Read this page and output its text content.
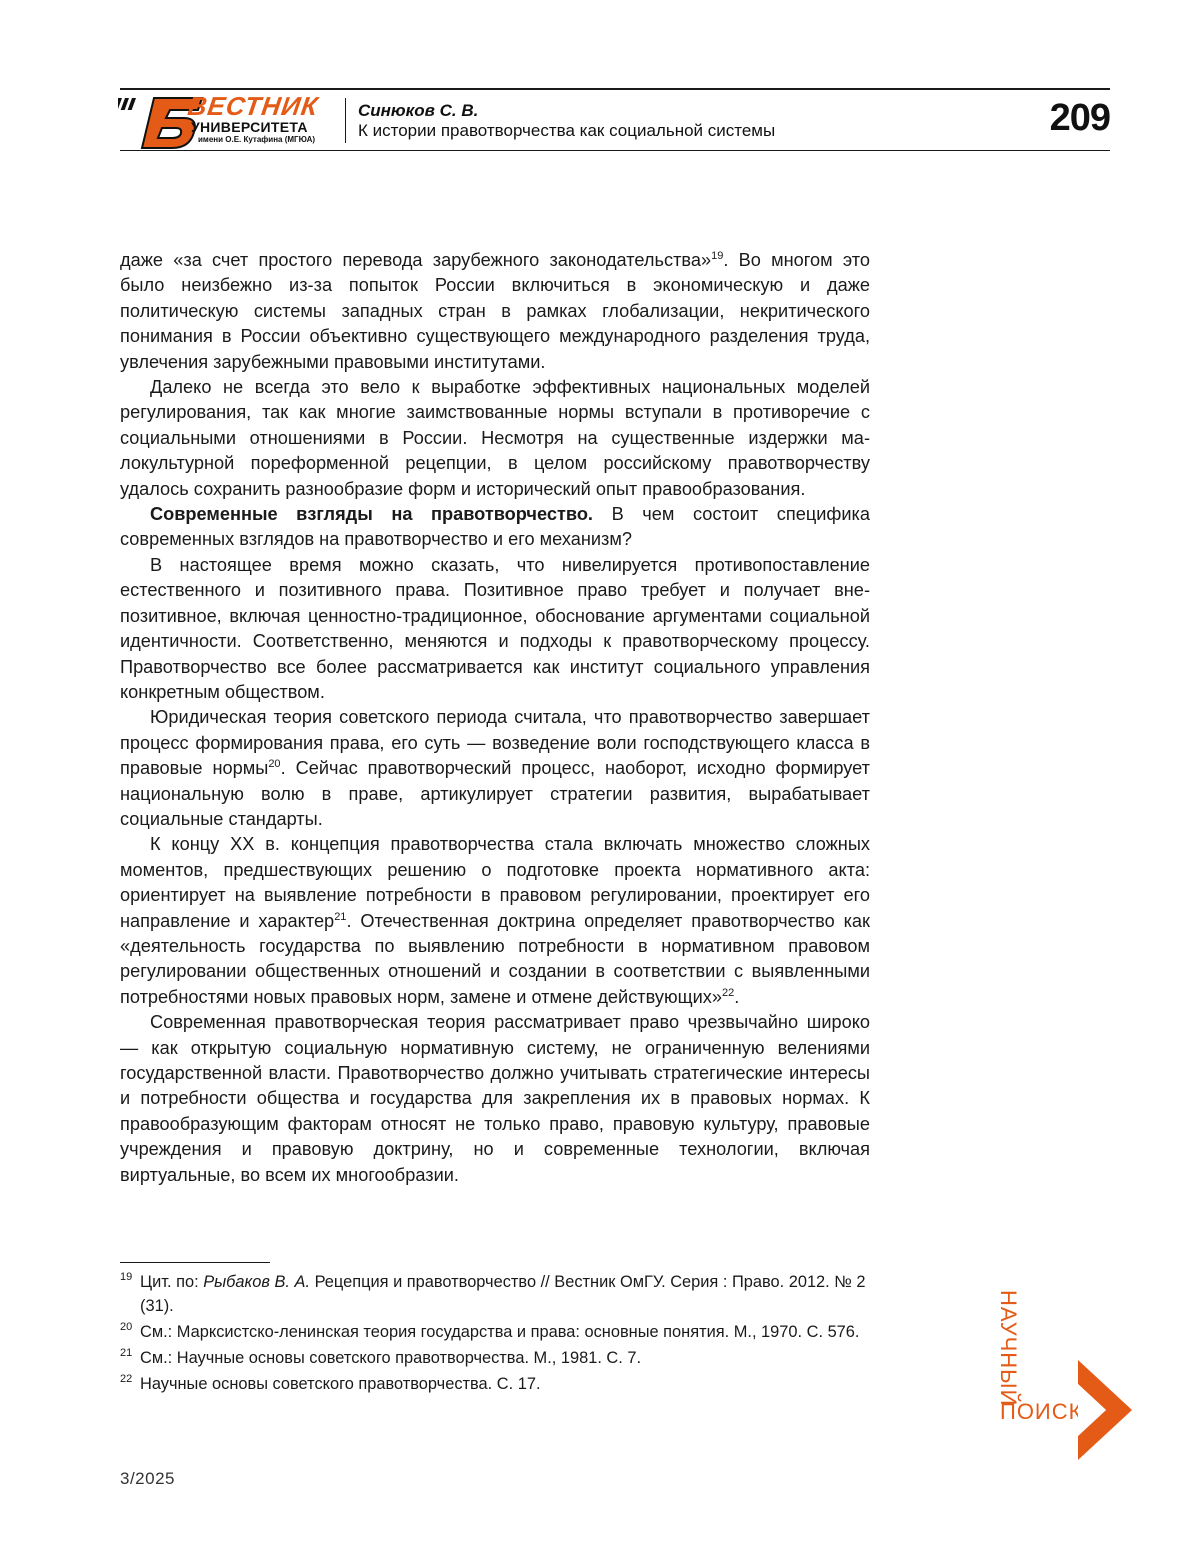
ВЕСТНИК
УНИВЕРСИТЕТА
имени О.Е. Кутафина (МГЮА)
Синюков С. В.
К истории правотворчества как социальной системы	209

даже «за счет простого перевода зарубежного законодательства»19. Во многом это было неизбежно из-за попыток России включиться в экономическую и даже политическую системы западных стран в рамках глобализации, некритического понимания в России объективно существующего международного разделения труда, увлечения зарубежными правовыми институтами.

Далеко не всегда это вело к выработке эффективных национальных моделей регулирования, так как многие заимствованные нормы вступали в противоречие с социальными отношениями в России. Несмотря на существенные издержки ма­локультурной пореформенной рецепции, в целом российскому правотворчеству удалось сохранить разнообразие форм и исторический опыт правообразования.

Современные взгляды на правотворчество. В чем состоит специфика современных взглядов на правотворчество и его механизм?

В настоящее время можно сказать, что нивелируется противопоставление естественного и позитивного права. Позитивное право требует и получает вне­позитивное, включая ценностно-традиционное, обоснование аргументами соци­альной идентичности. Соответственно, меняются и подходы к правотворческому процессу. Правотворчество все более рассматривается как институт социального управления конкретным обществом.

Юридическая теория советского периода считала, что правотворчество завер­шает процесс формирования права, его суть — возведение воли господствующего класса в правовые нормы20. Сейчас правотворческий процесс, наоборот, исходно формирует национальную волю в праве, артикулирует стратегии развития, выра­батывает социальные стандарты.

К концу XX в. концепция правотворчества стала включать множество слож­ных моментов, предшествующих решению о подготовке проекта нормативного акта: ориентирует на выявление потребности в правовом регулировании, про­ектирует его направление и характер21. Отечественная доктрина определяет правотворчество как «деятельность государства по выявлению потребности в нормативном правовом регулировании общественных отношений и создании в соответствии с выявленными потребностями новых правовых норм, замене и отмене действующих»22.

Современная правотворческая теория рассматривает право чрезвычайно широко — как открытую социальную нормативную систему, не ограниченную велениями государственной власти. Правотворчество должно учитывать стра­тегические интересы и потребности общества и государства для закрепления их в правовых нормах. К правообразующим факторам относят не только право, правовую культуру, правовые учреждения и правовую доктрину, но и современ­ные технологии, включая виртуальные, во всем их многообразии.

19 Цит. по: Рыбаков В. А. Рецепция и правотворчество // Вестник ОмГУ. Серия : Право. 2012. № 2 (31).
20 См.: Марксистско-ленинская теория государства и права: основные понятия. М., 1970. С. 576.
21 См.: Научные основы советского правотворчества. М., 1981. С. 7.
22 Научные основы советского правотворчества. С. 17.	НАУЧНЫЙ
ПОИСК
3/2025
